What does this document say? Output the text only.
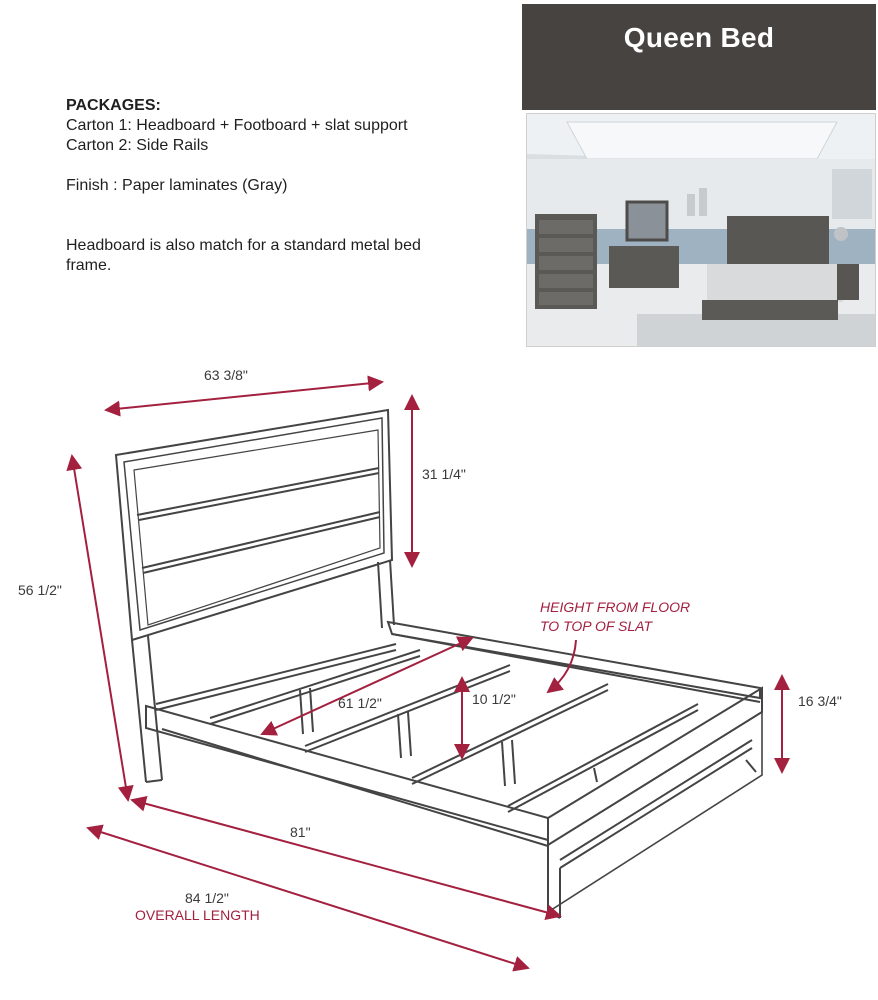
Queen Bed
PACKAGES:
Carton 1: Headboard + Footboard + slat support
Carton 2: Side Rails
Finish : Paper laminates (Gray)
Headboard is also match for a standard metal bed
frame.
63 3/8"
31 1/4"
56 1/2"
61 1/2"	10 1/2"	16 3/4"
81"
84 1/2"
OVERALL LENGTH
HEIGHT FROM FLOOR
TO TOP OF SLAT
